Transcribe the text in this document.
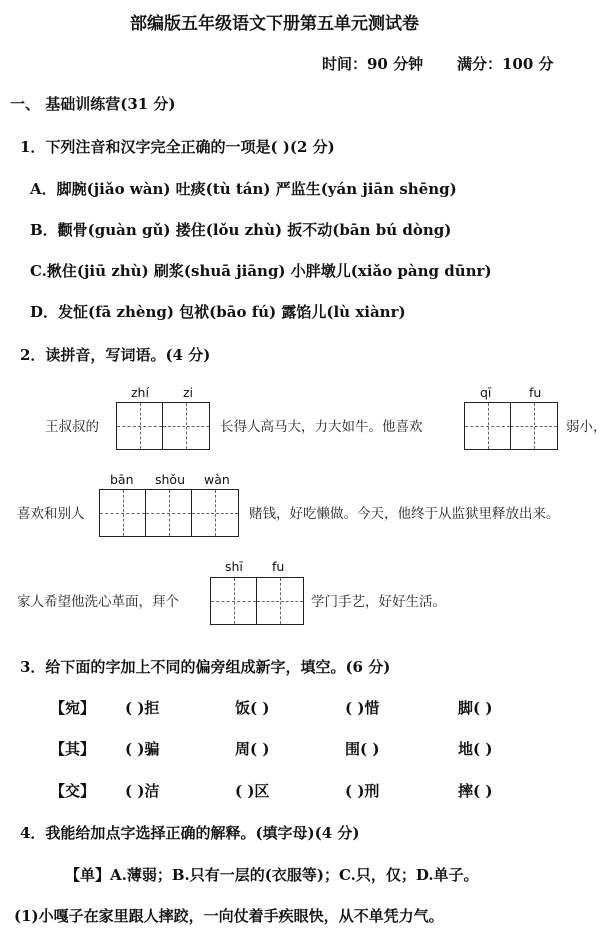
部编版五年级语文下册第五单元测试卷
时间：90 分钟 满分：100 分
一、 基础训练营(31 分)
1．下列注音和汉字完全正确的一项是( )(2 分)
A．脚腕(jiǎo wàn) 吐痰(tù tán) 严监生(yán jiān shēng)
B．颧骨(guàn gǔ) 搂住(lǒu zhù) 扳不动(bān bú dòng)
C.揪住(jiū zhù) 刷浆(shuā jiāng) 小胖墩儿(xiǎo pàng dūnr)
D．发怔(fā zhèng) 包袱(bāo fú) 露馅儿(lù xiànr)
2．读拼音，写词语。(4 分)
zhí	zi
王叔叔的	长得人高马大，力大如牛。他喜欢
qī	fu
弱小，
bān shǒu wàn
喜欢和别人	赌钱，好吃懒做。今天，他终于从监狱里释放出来。
shī fu
家人希望他洗心革面，拜个	学门手艺，好好生活。
3．给下面的字加上不同的偏旁组成新字，填空。(6 分)
【宛】 ( )拒	饭( )	( )惜	脚( )
【其】 ( )骗	周( )	围( )	地( )
【交】 ( )洁	( )区	( )刑	摔( )
4．我能给加点字选择正确的解释。(填字母)(4 分)
【单】A.薄弱；B.只有一层的(衣服等)；C.只，仅；D.单子。
(1)小嘎子在家里跟人摔跤，一向仗着手疾眼快，从不单凭力气。
